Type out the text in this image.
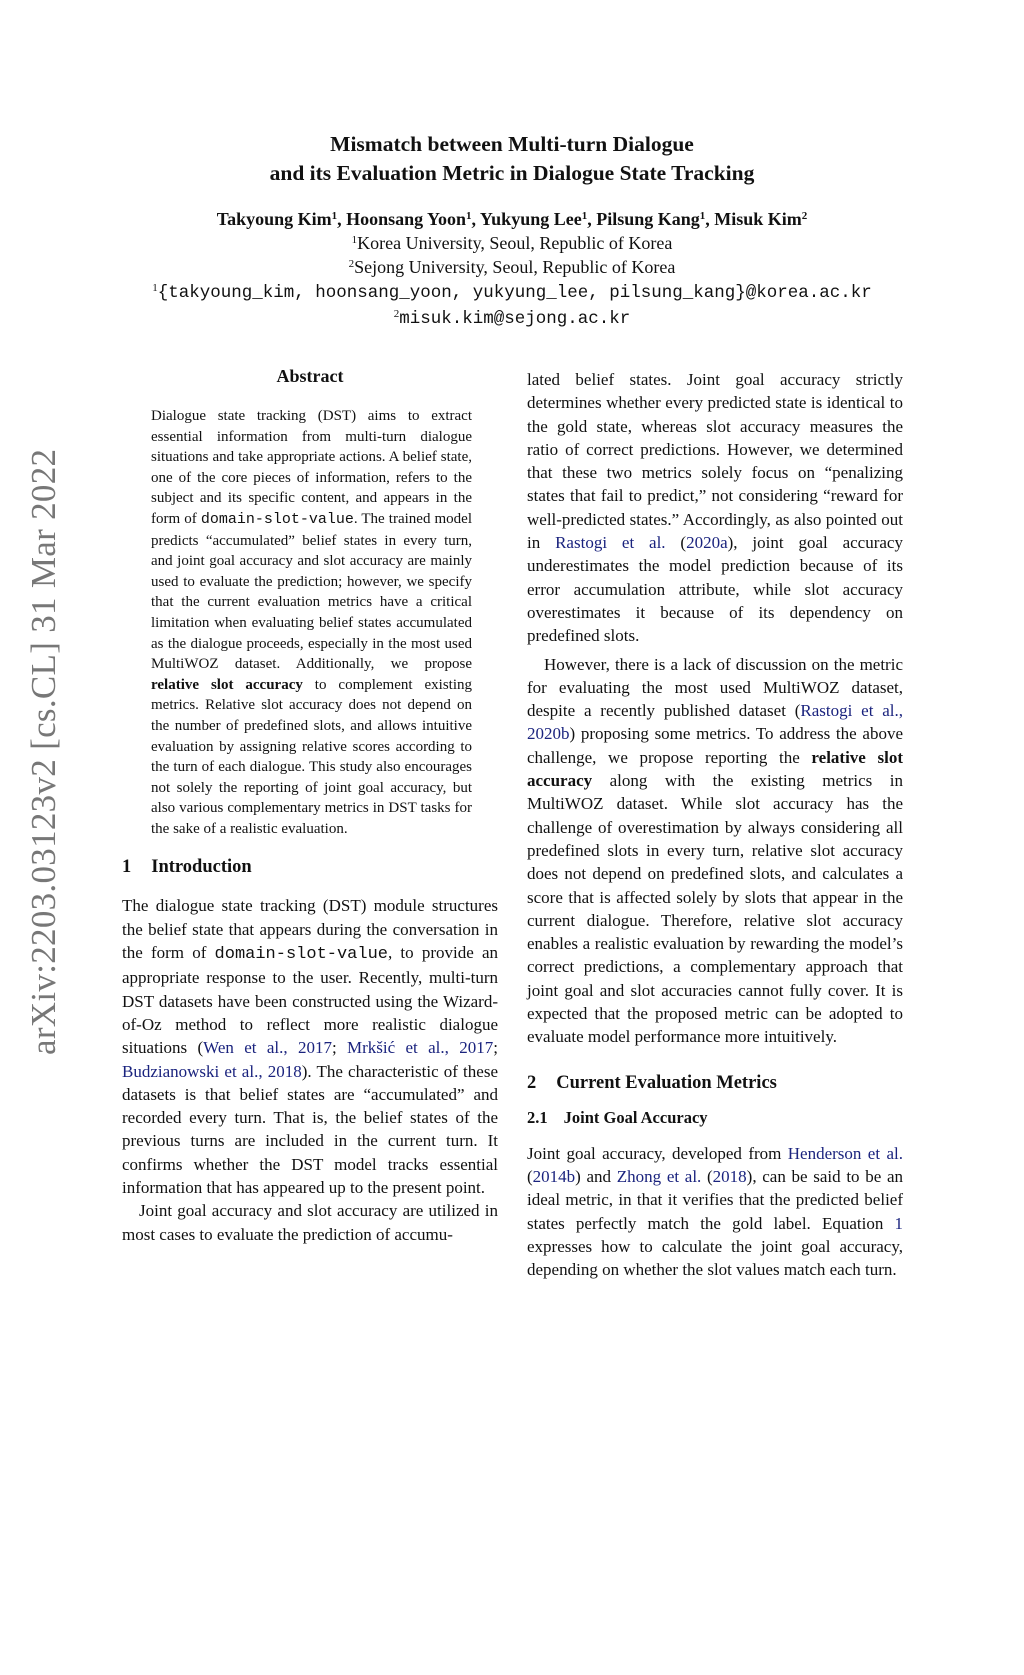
Mismatch between Multi-turn Dialogue
and its Evaluation Metric in Dialogue State Tracking
Takyoung Kim$^1$, Hoonsang Yoon$^1$, Yukyung Lee$^1$, Pilsung Kang$^1$, Misuk Kim$^2$
$^1$Korea University, Seoul, Republic of Korea
$^2$Sejong University, Seoul, Republic of Korea
$^1${takyoung_kim, hoonsang_yoon, yukyung_lee, pilsung_kang}@korea.ac.kr
$^2$misuk.kim@sejong.ac.kr
arXiv:2203.03123v2 [cs.CL] 31 Mar 2022
Abstract
Dialogue state tracking (DST) aims to extract essential information from multi-turn dialogue situations and take appropriate actions. A belief state, one of the core pieces of information, refers to the subject and its specific content, and appears in the form of domain-slot-value. The trained model predicts “accumulated” belief states in every turn, and joint goal accuracy and slot accuracy are mainly used to evaluate the prediction; however, we specify that the current evaluation metrics have a critical limitation when evaluating belief states accumulated as the dialogue proceeds, especially in the most used MultiWOZ dataset. Additionally, we propose relative slot accuracy to complement existing metrics. Relative slot accuracy does not depend on the number of predefined slots, and allows intuitive evaluation by assigning relative scores according to the turn of each dialogue. This study also encourages not solely the reporting of joint goal accuracy, but also various complementary metrics in DST tasks for the sake of a realistic evaluation.
1 Introduction

The dialogue state tracking (DST) module structures the belief state that appears during the conversation in the form of domain-slot-value, to provide an appropriate response to the user. Recently, multi-turn DST datasets have been constructed using the Wizard-of-Oz method to reflect more realistic dialogue situations (Wen et al., 2017; Mrkšić et al., 2017; Budzianowski et al., 2018). The characteristic of these datasets is that belief states are “accumulated” and recorded every turn. That is, the belief states of the previous turns are included in the current turn. It confirms whether the DST model tracks essential information that has appeared up to the present point.

Joint goal accuracy and slot accuracy are utilized in most cases to evaluate the prediction of accumu-

lated belief states. Joint goal accuracy strictly determines whether every predicted state is identical to the gold state, whereas slot accuracy measures the ratio of correct predictions. However, we determined that these two metrics solely focus on “penalizing states that fail to predict,” not considering “reward for well-predicted states.” Accordingly, as also pointed out in Rastogi et al. (2020a), joint goal accuracy underestimates the model prediction because of its error accumulation attribute, while slot accuracy overestimates it because of its dependency on predefined slots.

However, there is a lack of discussion on the metric for evaluating the most used MultiWOZ dataset, despite a recently published dataset (Rastogi et al., 2020b) proposing some metrics. To address the above challenge, we propose reporting the relative slot accuracy along with the existing metrics in MultiWOZ dataset. While slot accuracy has the challenge of overestimation by always considering all predefined slots in every turn, relative slot accuracy does not depend on predefined slots, and calculates a score that is affected solely by slots that appear in the current dialogue. Therefore, relative slot accuracy enables a realistic evaluation by rewarding the model’s correct predictions, a complementary approach that joint goal and slot accuracies cannot fully cover. It is expected that the proposed metric can be adopted to evaluate model performance more intuitively.

2 Current Evaluation Metrics
2.1 Joint Goal Accuracy

Joint goal accuracy, developed from Henderson et al. (2014b) and Zhong et al. (2018), can be said to be an ideal metric, in that it verifies that the predicted belief states perfectly match the gold label. Equation 1 expresses how to calculate the joint goal accuracy, depending on whether the slot values match each turn.
